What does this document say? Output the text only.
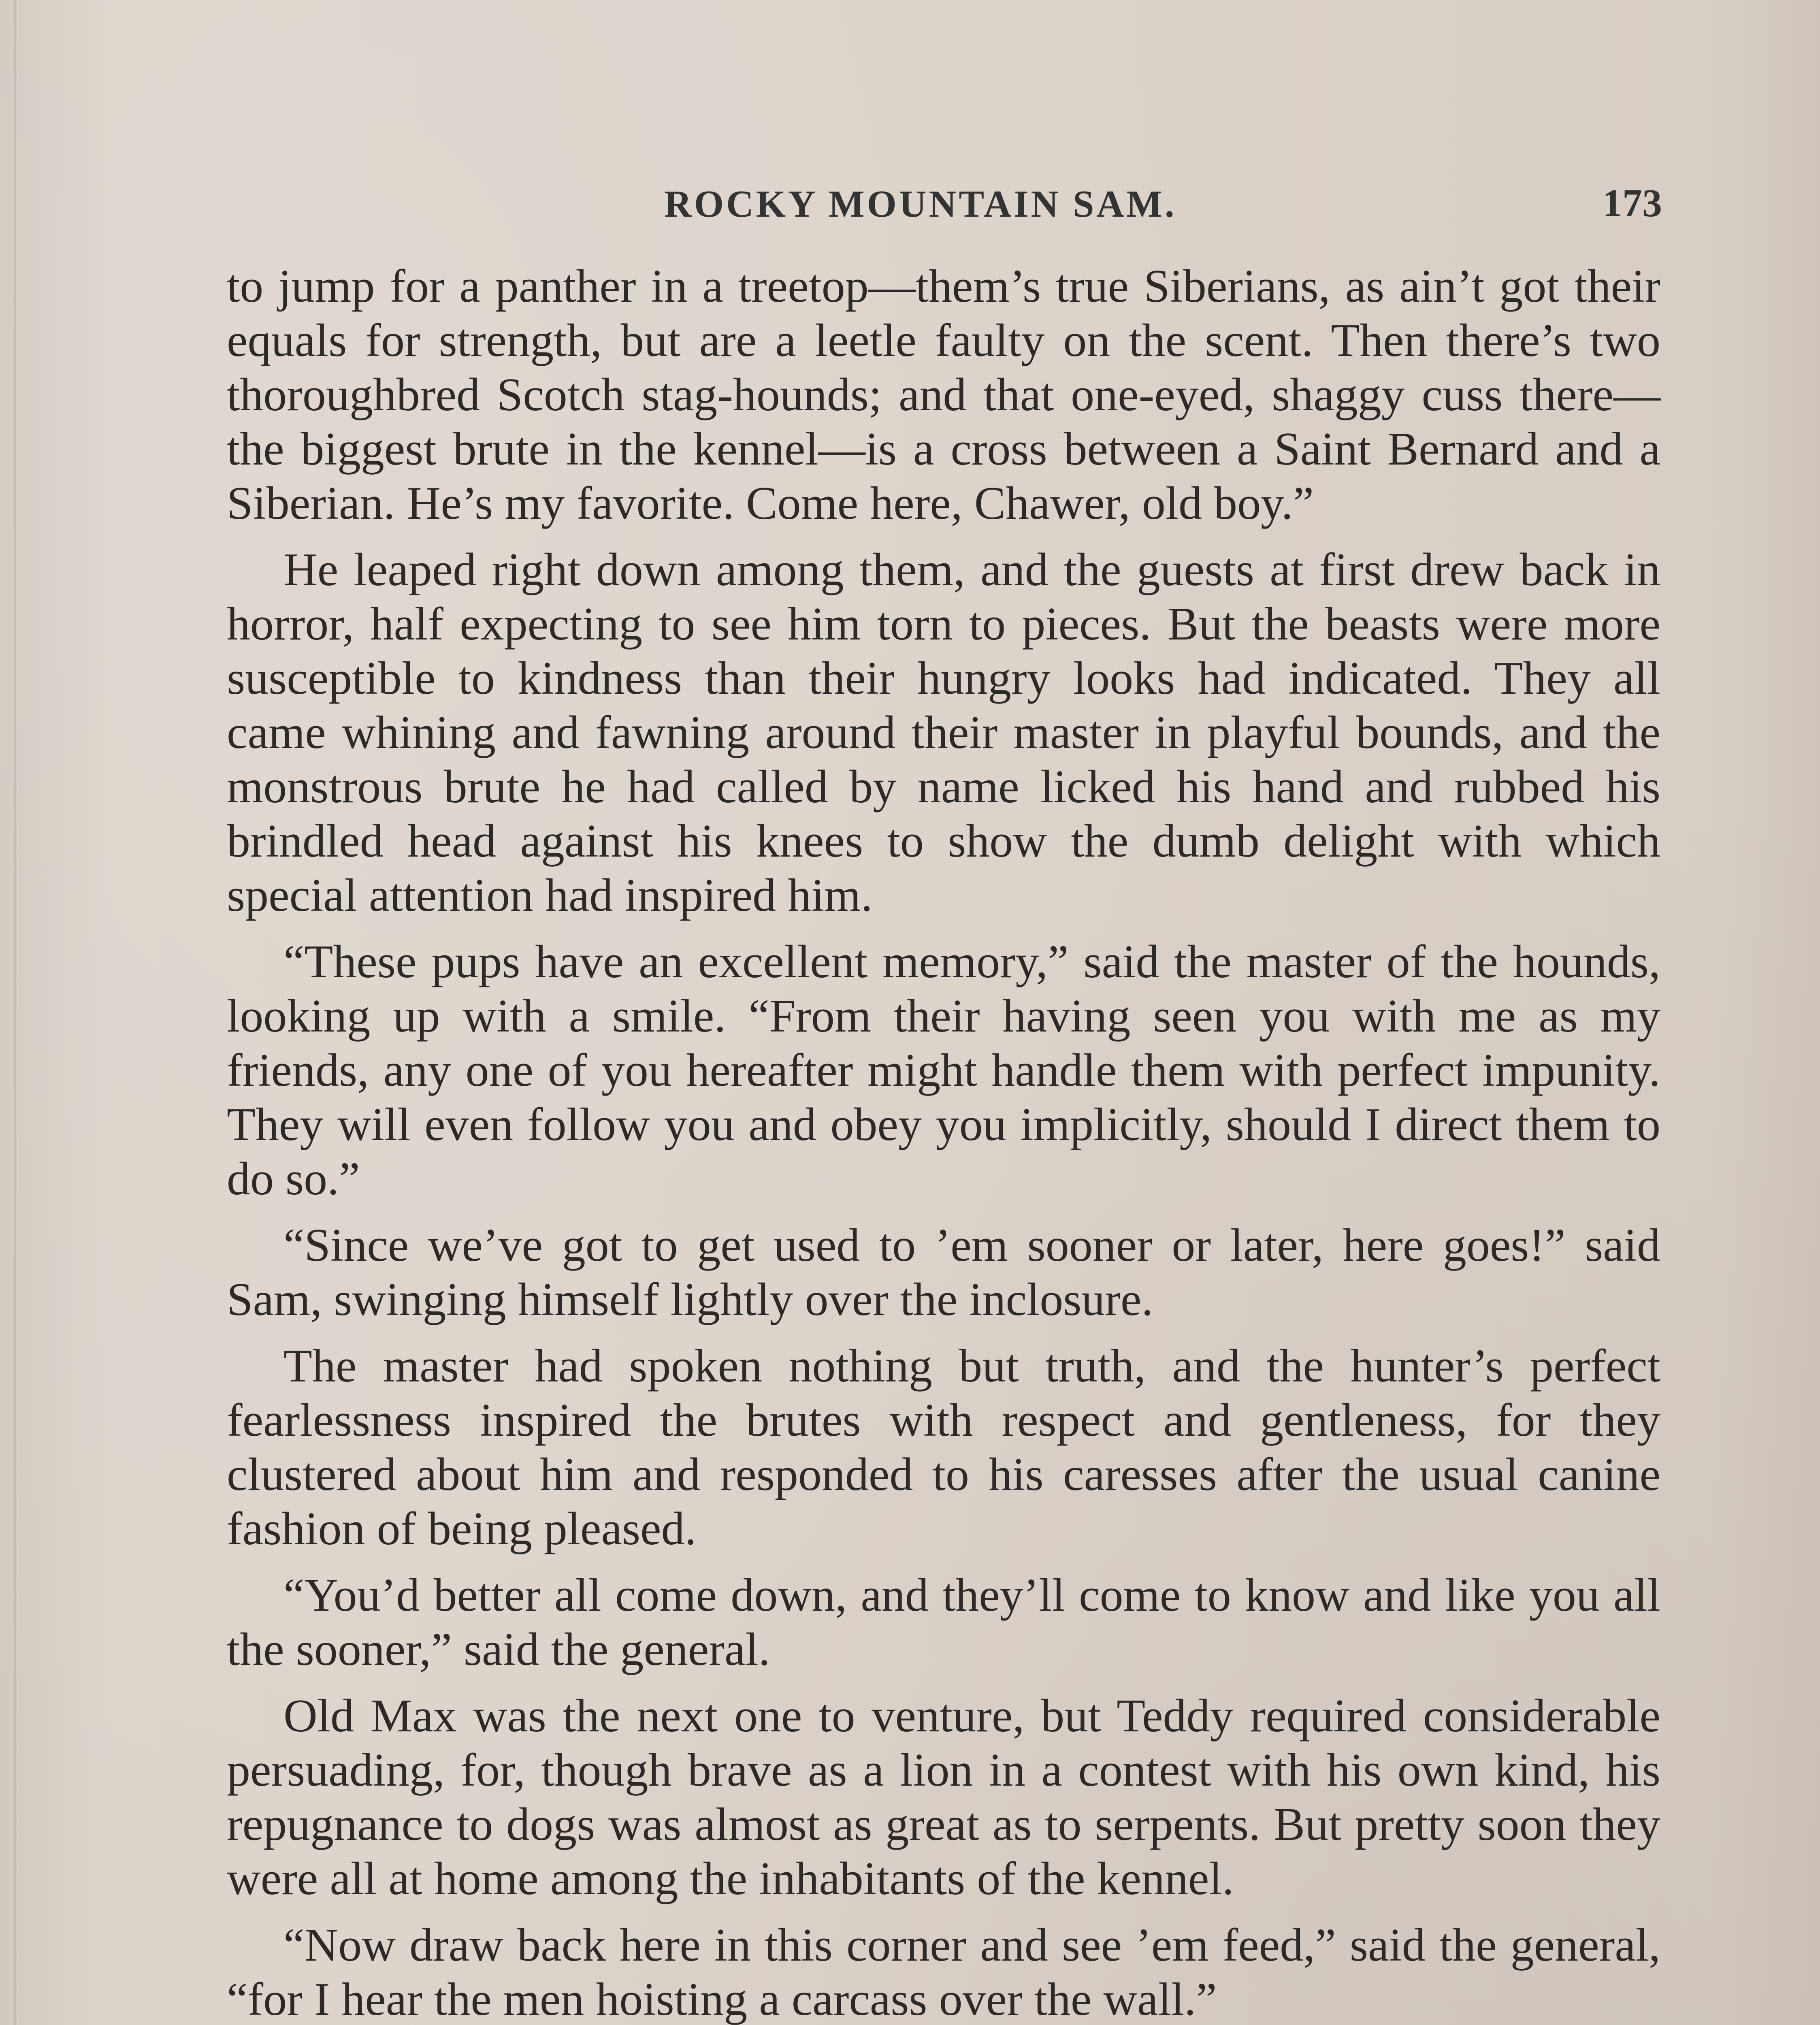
ROCKY MOUNTAIN SAM.	173

to jump for a panther in a treetop—them’s true Siberians, as ain’t got their equals for strength, but are a leetle faulty on the scent. Then there’s two thoroughbred Scotch stag-hounds; and that one-eyed, shaggy cuss there—the biggest brute in the kennel—is a cross between a Saint Bernard and a Siberian. He’s my favorite. Come here, Chawer, old boy.”

He leaped right down among them, and the guests at first drew back in horror, half expecting to see him torn to pieces. But the beasts were more susceptible to kindness than their hungry looks had indicated. They all came whining and fawning around their master in playful bounds, and the monstrous brute he had called by name licked his hand and rubbed his brindled head against his knees to show the dumb delight with which special attention had inspired him.

“These pups have an excellent memory,” said the master of the hounds, looking up with a smile. “From their having seen you with me as my friends, any one of you hereafter might handle them with perfect impunity. They will even follow you and obey you implicitly, should I direct them to do so.”

“Since we’ve got to get used to ’em sooner or later, here goes!” said Sam, swinging himself lightly over the inclosure.

The master had spoken nothing but truth, and the hunter’s perfect fearlessness inspired the brutes with respect and gentleness, for they clustered about him and responded to his caresses after the usual canine fashion of being pleased.

“You’d better all come down, and they’ll come to know and like you all the sooner,” said the general.

Old Max was the next one to venture, but Teddy required considerable persuading, for, though brave as a lion in a contest with his own kind, his repugnance to dogs was almost as great as to serpents. But pretty soon they were all at home among the inhabitants of the kennel.

“Now draw back here in this corner and see ’em feed,” said the general, “for I hear the men hoisting a carcass over the wall.”
